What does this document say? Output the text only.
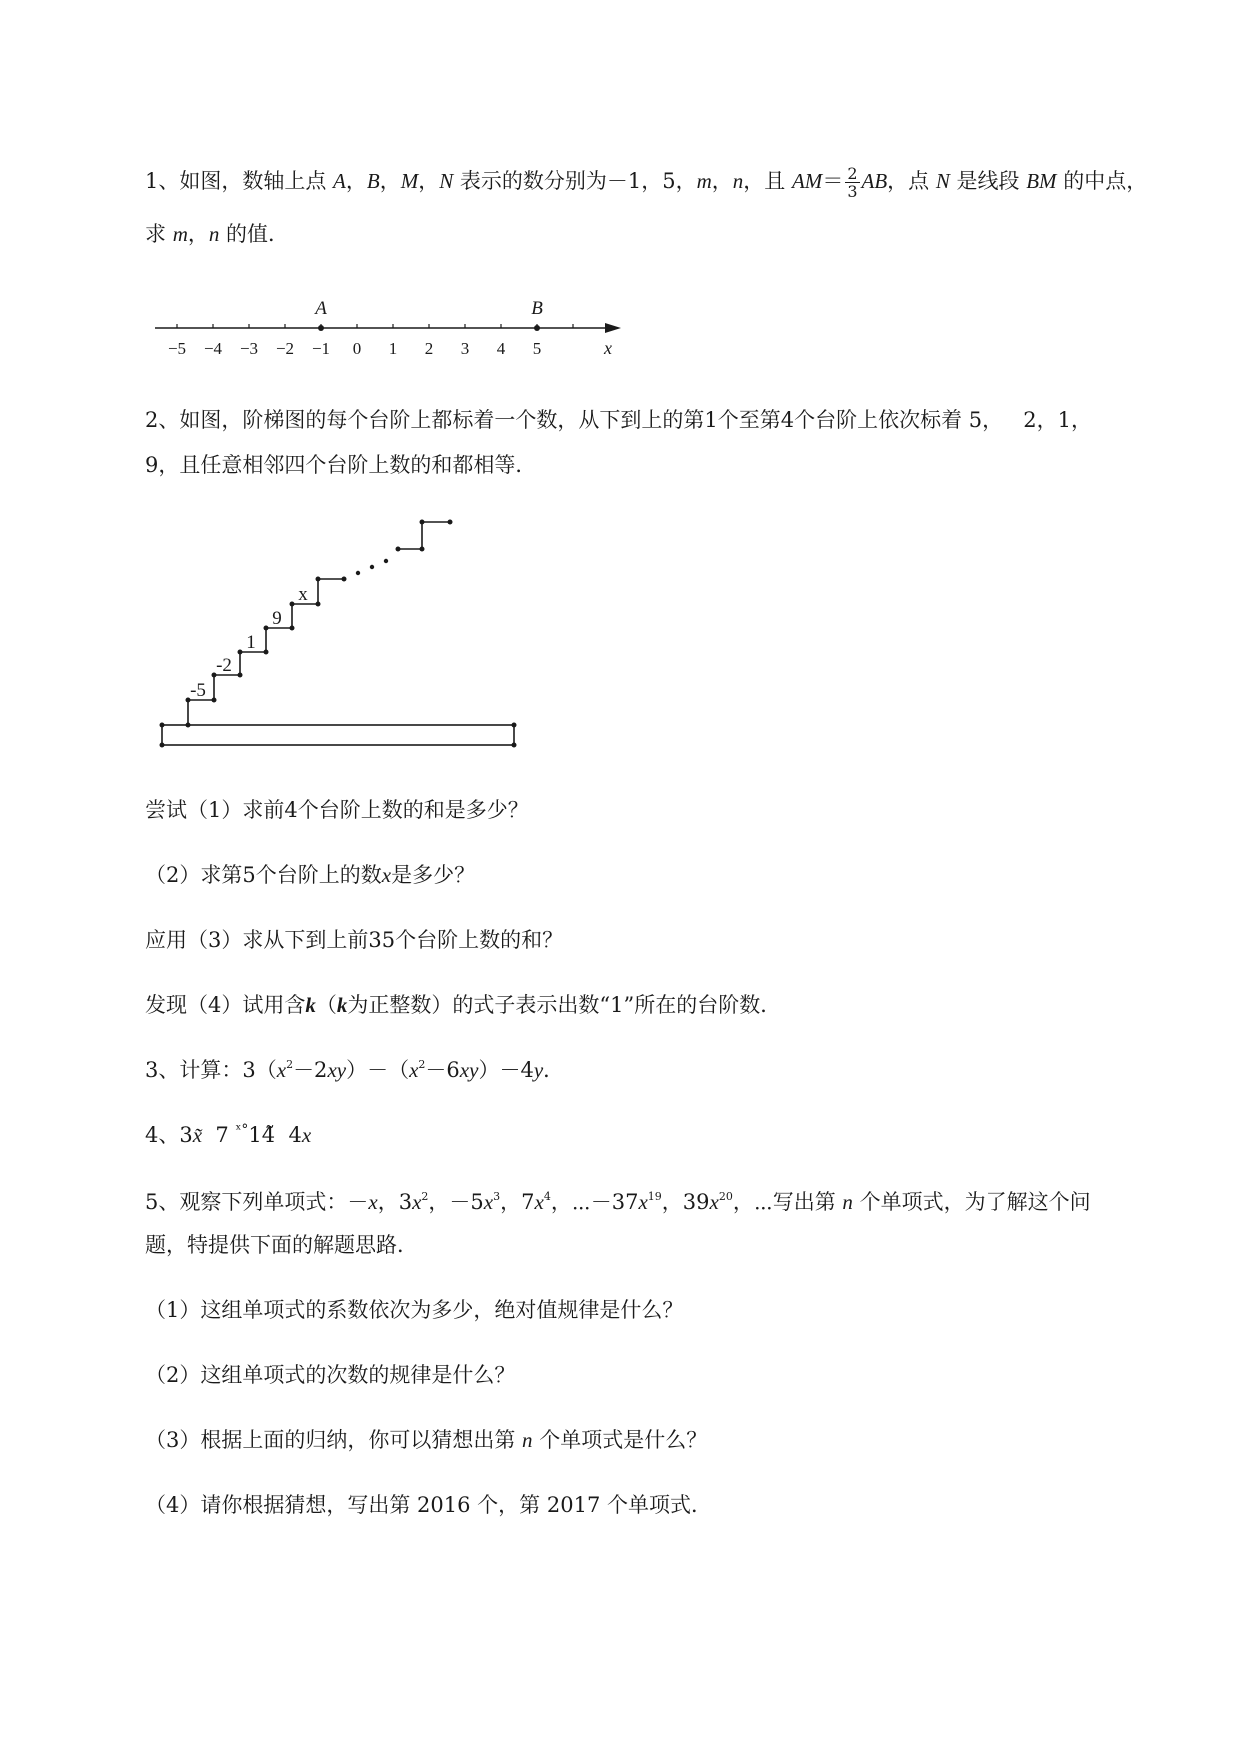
1、如图，数轴上点 A，B，M，N 表示的数分别为－1，5，m，n，且 $AM= \frac{2}{3}$ AB，点 N 是线段 BM 的中点，
求 m，n 的值．
A	B
−5 −4 −3 −2 −1 0 1 2 3 4 5	x
2、如图，阶梯图的每个台阶上都标着一个数，从下到上的第1个至第4个台阶上依次标着 5， 2，1，
9，且任意相邻四个台阶上数的和都相等．
-5
-2
1
9
x
尝试（1）求前4个台阶上数的和是多少？
（2）求第5个台阶上的数x是多少？
应用（3）求从下到上前35个台阶上数的和？
发现（4）试用含k（k为正整数）的式子表示出数“1”所在的台阶数．
3、计算：$3(x^2-2xy)-(x^2-6xy)-4y$．
4、3x̃  7 $^{ˣ^\circ}$14̃  4x
5、观察下列单项式：－x，$3x^2$，$-5x^3$，$7x^4$，$\cdots-37x^{19}$，$39x^{20}$，⋯写出第 n 个单项式，为了解这个问
题，特提供下面的解题思路．
（1）这组单项式的系数依次为多少，绝对值规律是什么？
（2）这组单项式的次数的规律是什么？
（3）根据上面的归纳，你可以猜想出第 n 个单项式是什么？
（4）请你根据猜想，写出第 2016 个，第 2017 个单项式．
